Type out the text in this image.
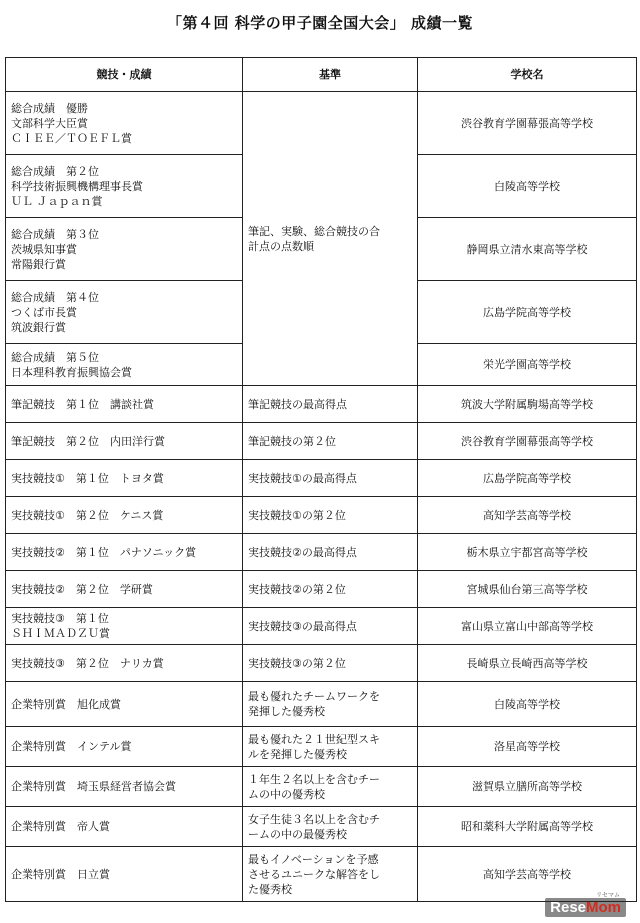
「第４回 科学の甲子園全国大会」 成績一覧
競技・成績	基準	学校名

総合成績　優勝
文部科学大臣賞
ＣＩＥＥ／ＴＯＥＦＬ賞	筆記、実験、総合競技の合
計点の点数順	渋谷教育学園幕張高等学校

総合成績　第２位
科学技術振興機構理事長賞
ＵＬ Ｊａｐａｎ賞		白陵高等学校

総合成績　第３位
茨城県知事賞
常陽銀行賞		静岡県立清水東高等学校

総合成績　第４位
つくば市長賞
筑波銀行賞		広島学院高等学校

総合成績　第５位
日本理科教育振興協会賞		栄光学園高等学校

筆記競技　第１位　講談社賞	筆記競技の最高得点	筑波大学附属駒場高等学校

筆記競技　第２位　内田洋行賞	筆記競技の第２位	渋谷教育学園幕張高等学校

実技競技①　第１位　トヨタ賞	実技競技①の最高得点	広島学院高等学校

実技競技①　第２位　ケニス賞	実技競技①の第２位	高知学芸高等学校

実技競技②　第１位　パナソニック賞	実技競技②の最高得点	栃木県立宇都宮高等学校

実技競技②　第２位　学研賞	実技競技②の第２位	宮城県仙台第三高等学校

実技競技③　第１位
ＳＨＩＭＡＤＺＵ賞	実技競技③の最高得点	富山県立富山中部高等学校

実技競技③　第２位　ナリカ賞	実技競技③の第２位	長崎県立長崎西高等学校

企業特別賞　旭化成賞	最も優れたチームワークを
発揮した優秀校	白陵高等学校

企業特別賞　インテル賞	最も優れた２１世紀型スキ
ルを発揮した優秀校	洛星高等学校

企業特別賞　埼玉県経営者協会賞	１年生２名以上を含むチー
ムの中の優秀校	滋賀県立膳所高等学校

企業特別賞　帝人賞	女子生徒３名以上を含むチ
ームの中の最優秀校	昭和薬科大学附属高等学校

企業特別賞　日立賞	最もイノベーションを予感
させるユニークな解答をし
た優秀校	高知学芸高等学校
ReseMom
リセマム
